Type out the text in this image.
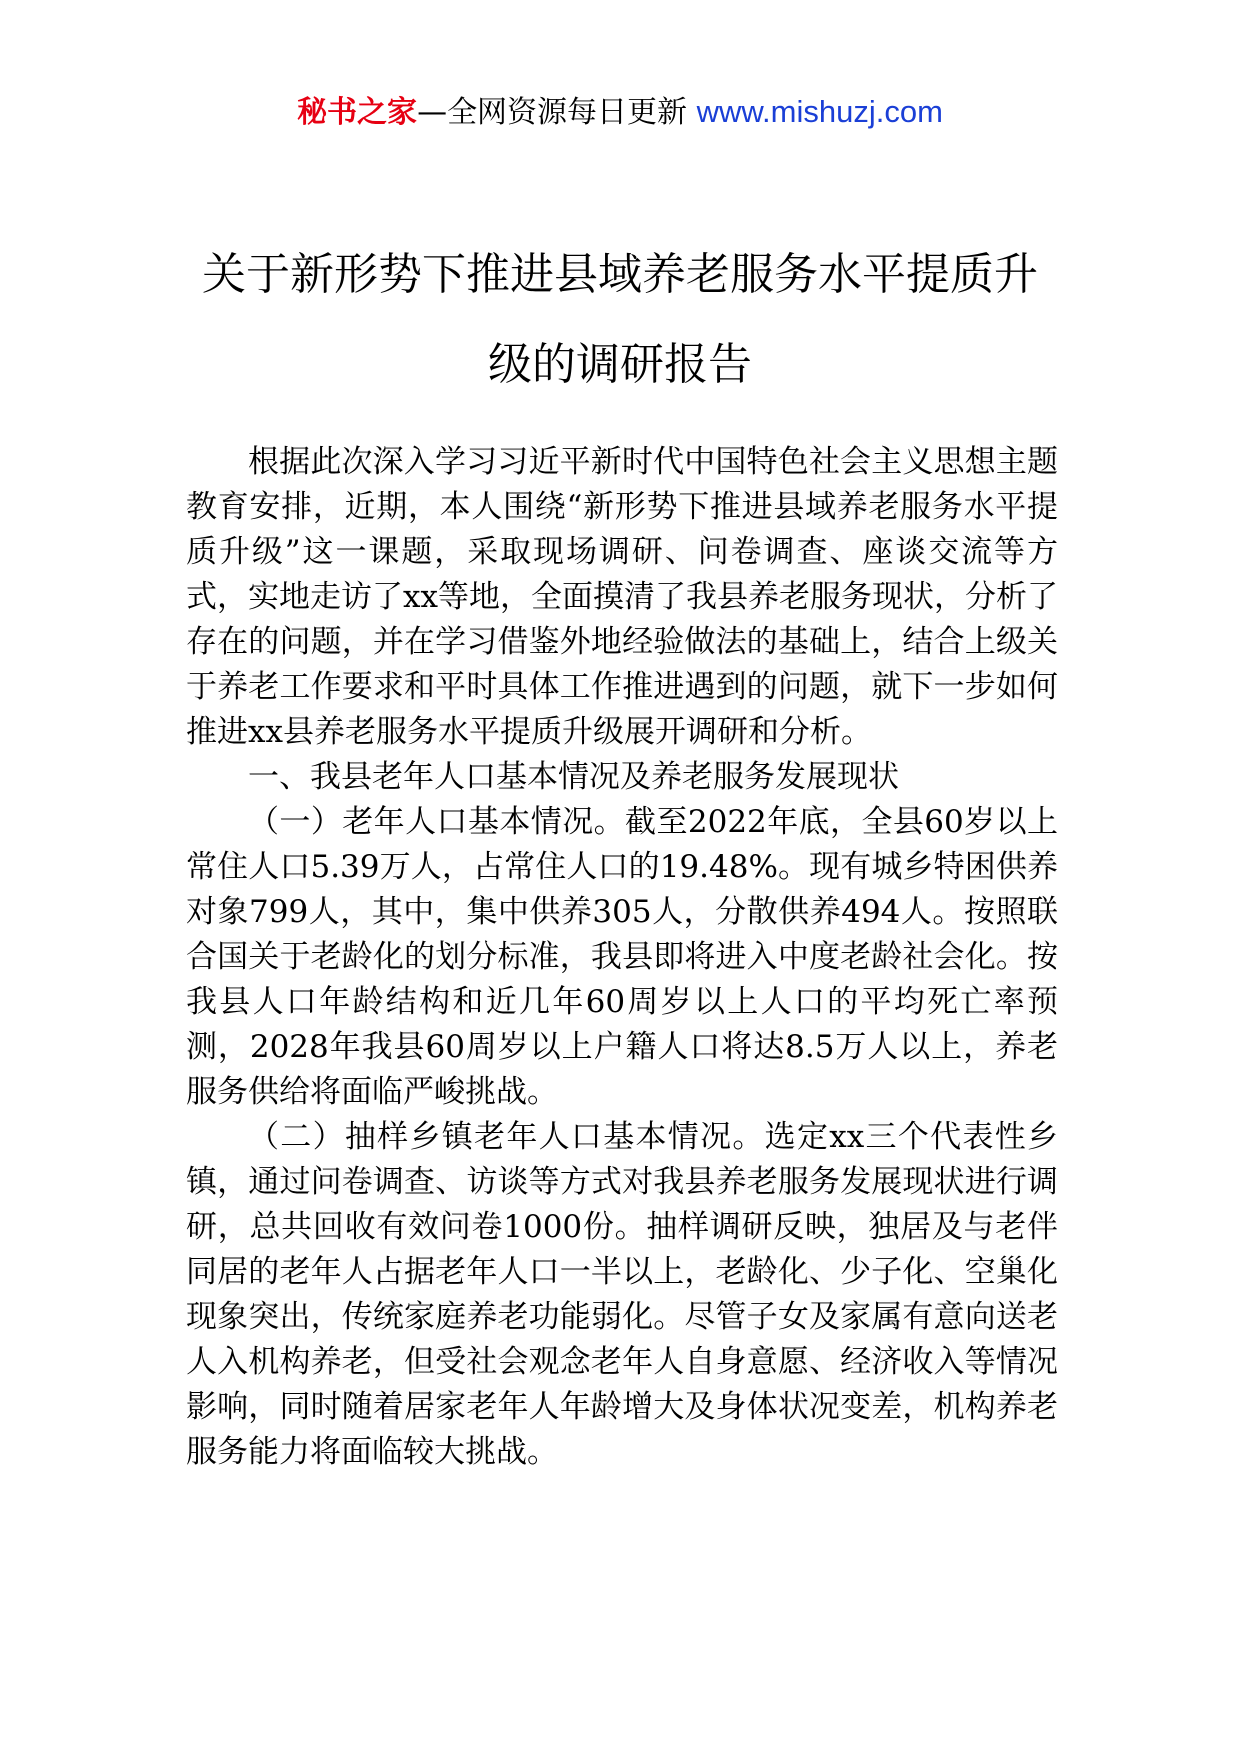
秘书之家—全网资源每日更新 www.mishuzj.com
关于新形势下推进县域养老服务水平提质升级的调研报告

根据此次深入学习习近平新时代中国特色社会主义思想主题教育安排，近期，本人围绕“新形势下推进县域养老服务水平提质升级”这一课题，采取现场调研、问卷调查、座谈交流等方式，实地走访了xx等地，全面摸清了我县养老服务现状，分析了存在的问题，并在学习借鉴外地经验做法的基础上，结合上级关于养老工作要求和平时具体工作推进遇到的问题，就下一步如何推进xx县养老服务水平提质升级展开调研和分析。

一、我县老年人口基本情况及养老服务发展现状

（一）老年人口基本情况。截至2022年底，全县60岁以上常住人口5.39万人，占常住人口的19.48%。现有城乡特困供养对象799人，其中，集中供养305人，分散供养494人。按照联合国关于老龄化的划分标准，我县即将进入中度老龄社会化。按我县人口年龄结构和近几年60周岁以上人口的平均死亡率预测，2028年我县60周岁以上户籍人口将达8.5万人以上，养老服务供给将面临严峻挑战。

（二）抽样乡镇老年人口基本情况。选定xx三个代表性乡镇，通过问卷调查、访谈等方式对我县养老服务发展现状进行调研，总共回收有效问卷1000份。抽样调研反映，独居及与老伴同居的老年人占据老年人口一半以上，老龄化、少子化、空巢化现象突出，传统家庭养老功能弱化。尽管子女及家属有意向送老人入机构养老，但受社会观念老年人自身意愿、经济收入等情况影响，同时随着居家老年人年龄增大及身体状况变差，机构养老服务能力将面临较大挑战。
